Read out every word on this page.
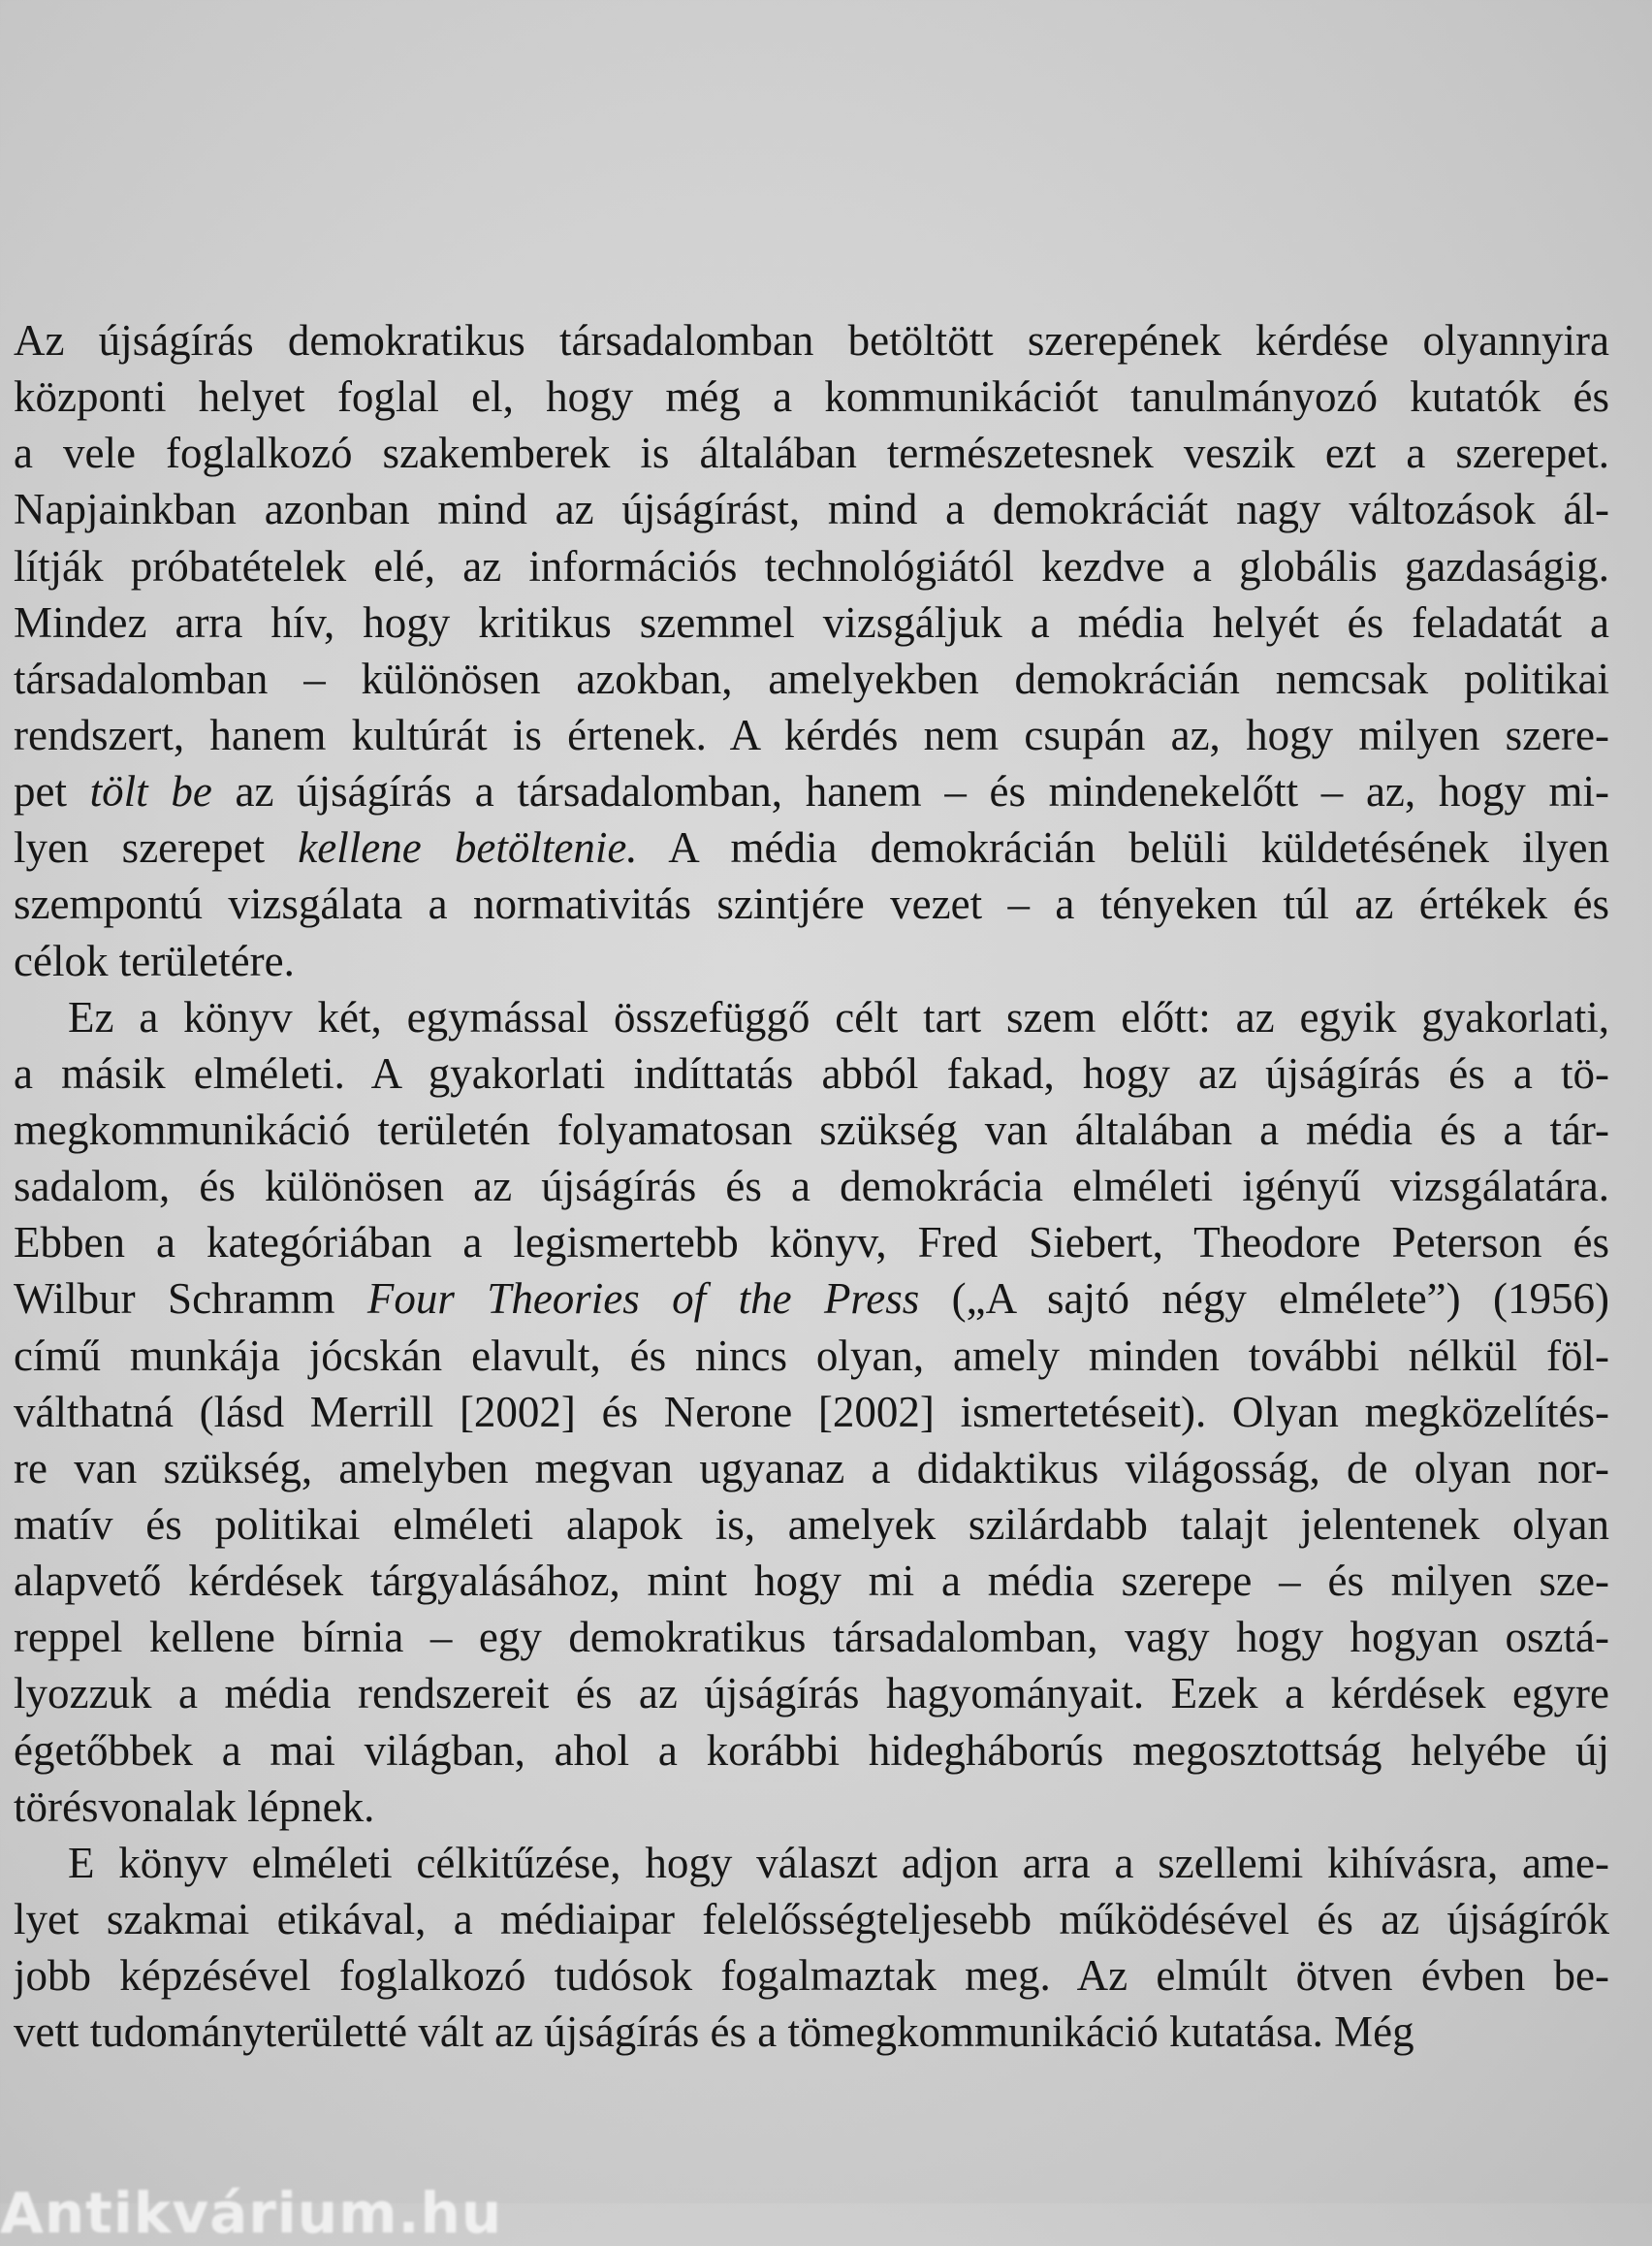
Az újságírás demokratikus társadalomban betöltött szerepének kérdése olyannyira
központi helyet foglal el, hogy még a kommunikációt tanulmányozó kutatók és
a vele foglalkozó szakemberek is általában természetesnek veszik ezt a szerepet.
Napjainkban azonban mind az újságírást, mind a demokráciát nagy változások ál-
lítják próbatételek elé, az információs technológiától kezdve a globális gazdaságig.
Mindez arra hív, hogy kritikus szemmel vizsgáljuk a média helyét és feladatát a
társadalomban – különösen azokban, amelyekben demokrácián nemcsak politikai
rendszert, hanem kultúrát is értenek. A kérdés nem csupán az, hogy milyen szere-
pet tölt be az újságírás a társadalomban, hanem – és mindenekelőtt – az, hogy mi-
lyen szerepet kellene betöltenie. A média demokrácián belüli küldetésének ilyen
szempontú vizsgálata a normativitás szintjére vezet – a tényeken túl az értékek és
célok területére.
Ez a könyv két, egymással összefüggő célt tart szem előtt: az egyik gyakorlati,
a másik elméleti. A gyakorlati indíttatás abból fakad, hogy az újságírás és a tö-
megkommunikáció területén folyamatosan szükség van általában a média és a tár-
sadalom, és különösen az újságírás és a demokrácia elméleti igényű vizsgálatára.
Ebben a kategóriában a legismertebb könyv, Fred Siebert, Theodore Peterson és
Wilbur Schramm Four Theories of the Press („A sajtó négy elmélete”) (1956)
című munkája jócskán elavult, és nincs olyan, amely minden további nélkül föl-
válthatná (lásd Merrill [2002] és Nerone [2002] ismertetéseit). Olyan megközelítés-
re van szükség, amelyben megvan ugyanaz a didaktikus világosság, de olyan nor-
matív és politikai elméleti alapok is, amelyek szilárdabb talajt jelentenek olyan
alapvető kérdések tárgyalásához, mint hogy mi a média szerepe – és milyen sze-
reppel kellene bírnia – egy demokratikus társadalomban, vagy hogy hogyan osztá-
lyozzuk a média rendszereit és az újságírás hagyományait. Ezek a kérdések egyre
égetőbbek a mai világban, ahol a korábbi hidegháborús megosztottság helyébe új
törésvonalak lépnek.
E könyv elméleti célkitűzése, hogy választ adjon arra a szellemi kihívásra, ame-
lyet szakmai etikával, a médiaipar felelősségteljesebb működésével és az újságírók
jobb képzésével foglalkozó tudósok fogalmaztak meg. Az elmúlt ötven évben be-
vett tudományterületté vált az újságírás és a tömegkommunikáció kutatása. Még
Antikvárium.hu
